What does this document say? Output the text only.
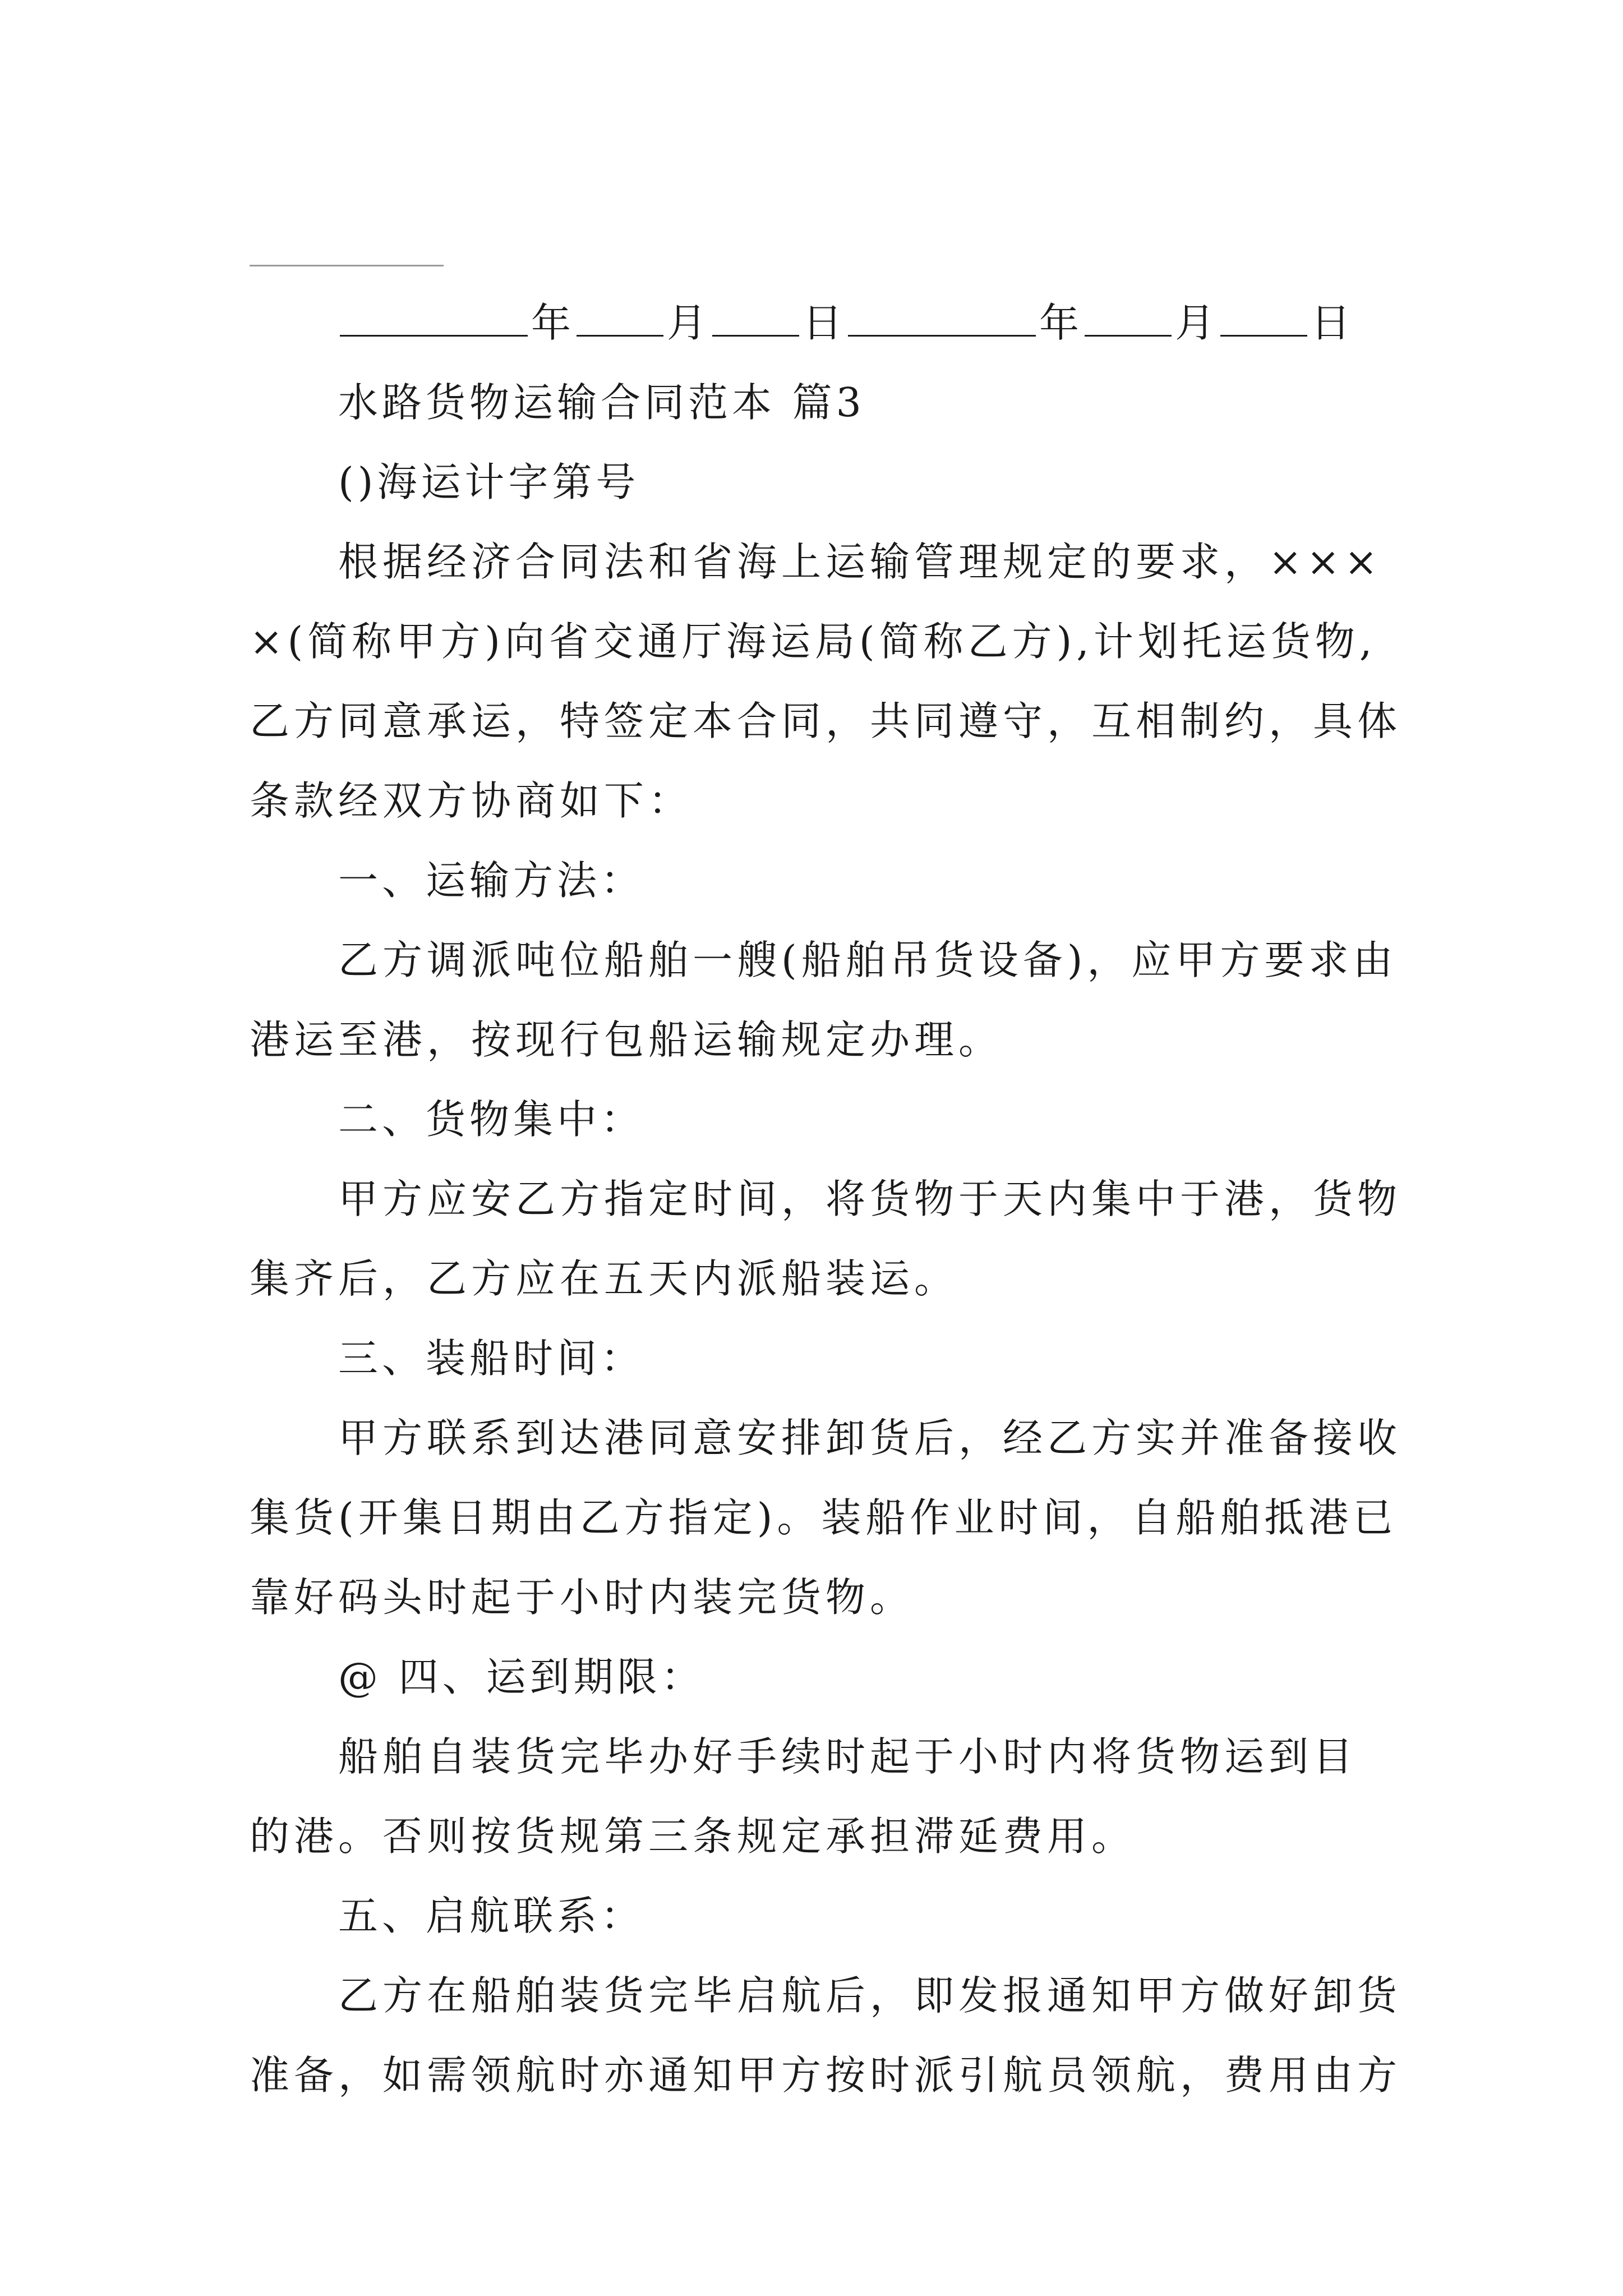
年 月 日	年 月 日
水路货物运输合同范本 篇3
()海运计字第号
根据经济合同法和省海上运输管理规定的要求，×××
×(简称甲方)向省交通厅海运局(简称乙方),计划托运货物,
乙方同意承运，特签定本合同，共同遵守，互相制约，具体
条款经双方协商如下：
一、运输方法：
乙方调派吨位船舶一艘(船舶吊货设备)，应甲方要求由
港运至港，按现行包船运输规定办理。
二、货物集中：
甲方应安乙方指定时间，将货物于天内集中于港，货物
集齐后，乙方应在五天内派船装运。
三、装船时间：
甲方联系到达港同意安排卸货后，经乙方实并准备接收
集货(开集日期由乙方指定)。装船作业时间，自船舶抵港已
靠好码头时起于小时内装完货物。
@ 四、运到期限：
船舶自装货完毕办好手续时起于小时内将货物运到目
的港。否则按货规第三条规定承担滞延费用。
五、启航联系：
乙方在船舶装货完毕启航后，即发报通知甲方做好卸货
准备，如需领航时亦通知甲方按时派引航员领航，费用由方
